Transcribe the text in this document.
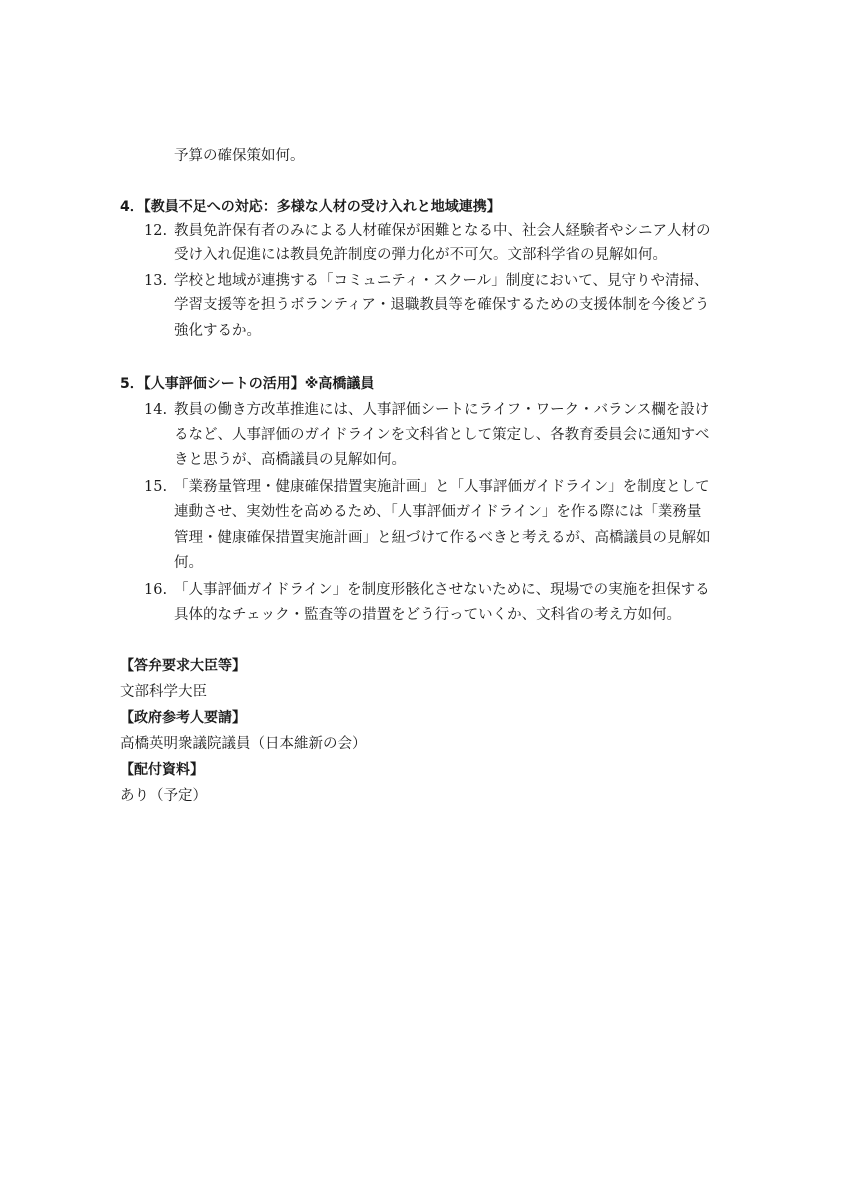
予算の確保策如何。
4．【教員不足への対応：多様な人材の受け入れと地域連携】
12. 教員免許保有者のみによる人材確保が困難となる中、社会人経験者やシニア人材の
受け入れ促進には教員免許制度の弾力化が不可欠。文部科学省の見解如何。
13. 学校と地域が連携する「コミュニティ・スクール」制度において、見守りや清掃、
学習支援等を担うボランティア・退職教員等を確保するための支援体制を今後どう
強化するか。
5．【人事評価シートの活用】※高橋議員
14. 教員の働き方改革推進には、人事評価シートにライフ・ワーク・バランス欄を設け
るなど、人事評価のガイドラインを文科省として策定し、各教育委員会に通知すべ
きと思うが、高橋議員の見解如何。
15. 「業務量管理・健康確保措置実施計画」と「人事評価ガイドライン」を制度として
連動させ、実効性を高めるため、「人事評価ガイドライン」を作る際には「業務量
管理・健康確保措置実施計画」と紐づけて作るべきと考えるが、高橋議員の見解如
何。
16. 「人事評価ガイドライン」を制度形骸化させないために、現場での実施を担保する
具体的なチェック・監査等の措置をどう行っていくか、文科省の考え方如何。
【答弁要求大臣等】
文部科学大臣
【政府参考人要請】
高橋英明衆議院議員（日本維新の会）
【配付資料】
あり（予定）
